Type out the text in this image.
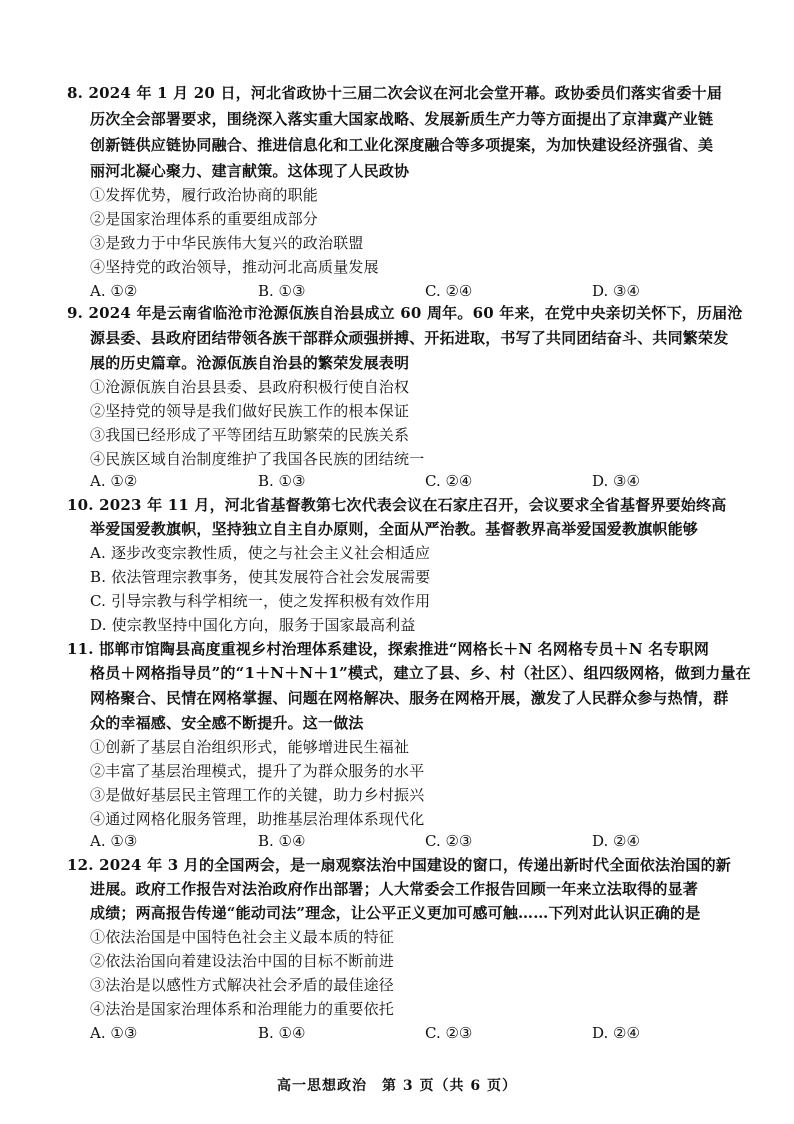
8. 2024 年 1 月 20 日，河北省政协十三届二次会议在河北会堂开幕。政协委员们落实省委十届
历次全会部署要求，围绕深入落实重大国家战略、发展新质生产力等方面提出了京津冀产业链
创新链供应链协同融合、推进信息化和工业化深度融合等多项提案，为加快建设经济强省、美
丽河北凝心聚力、建言献策。这体现了人民政协
①发挥优势，履行政治协商的职能
②是国家治理体系的重要组成部分
③是致力于中华民族伟大复兴的政治联盟
④坚持党的政治领导，推动河北高质量发展
A. ①②	B. ①③	C. ②④	D. ③④
9. 2024 年是云南省临沧市沧源佤族自治县成立 60 周年。60 年来，在党中央亲切关怀下，历届沧
源县委、县政府团结带领各族干部群众顽强拼搏、开拓进取，书写了共同团结奋斗、共同繁荣发
展的历史篇章。沧源佤族自治县的繁荣发展表明
①沧源佤族自治县县委、县政府积极行使自治权
②坚持党的领导是我们做好民族工作的根本保证
③我国已经形成了平等团结互助繁荣的民族关系
④民族区域自治制度维护了我国各民族的团结统一
A. ①②	B. ①③	C. ②④	D. ③④
10. 2023 年 11 月，河北省基督教第七次代表会议在石家庄召开，会议要求全省基督界要始终高
举爱国爱教旗帜，坚持独立自主自办原则，全面从严治教。基督教界高举爱国爱教旗帜能够
A. 逐步改变宗教性质，使之与社会主义社会相适应
B. 依法管理宗教事务，使其发展符合社会发展需要
C. 引导宗教与科学相统一，使之发挥积极有效作用
D. 使宗教坚持中国化方向，服务于国家最高利益
11. 邯郸市馆陶县高度重视乡村治理体系建设，探索推进“网格长＋N 名网格专员＋N 名专职网
格员＋网格指导员”的“1＋N＋N＋1”模式，建立了县、乡、村（社区）、组四级网格，做到力量在
网格聚合、民情在网格掌握、问题在网格解决、服务在网格开展，激发了人民群众参与热情，群
众的幸福感、安全感不断提升。这一做法
①创新了基层自治组织形式，能够增进民生福祉
②丰富了基层治理模式，提升了为群众服务的水平
③是做好基层民主管理工作的关键，助力乡村振兴
④通过网格化服务管理，助推基层治理体系现代化
A. ①③	B. ①④	C. ②③	D. ②④
12. 2024 年 3 月的全国两会，是一扇观察法治中国建设的窗口，传递出新时代全面依法治国的新
进展。政府工作报告对法治政府作出部署；人大常委会工作报告回顾一年来立法取得的显著
成绩；两高报告传递“能动司法”理念，让公平正义更加可感可触……下列对此认识正确的是
①依法治国是中国特色社会主义最本质的特征
②依法治国向着建设法治中国的目标不断前进
③法治是以感性方式解决社会矛盾的最佳途径
④法治是国家治理体系和治理能力的重要依托
A. ①③	B. ①④	C. ②③	D. ②④
高一思想政治　第 3 页（共 6 页）
